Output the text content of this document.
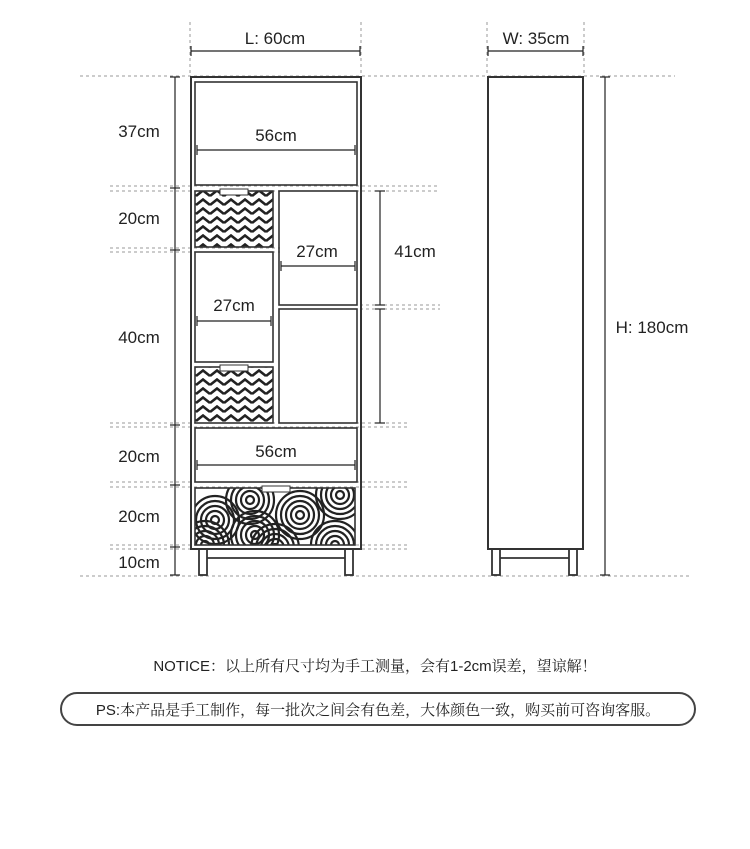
L: 60cm	W: 35cm
37cm
20cm
40cm
20cm
20cm
10cm
56cm
27cm
27cm
56cm
41cm
H: 180cm
NOTICE：以上所有尺寸均为手工测量，会有1-2cm误差，望谅解！
PS:本产品是手工制作，每一批次之间会有色差，大体颜色一致，购买前可咨询客服。
